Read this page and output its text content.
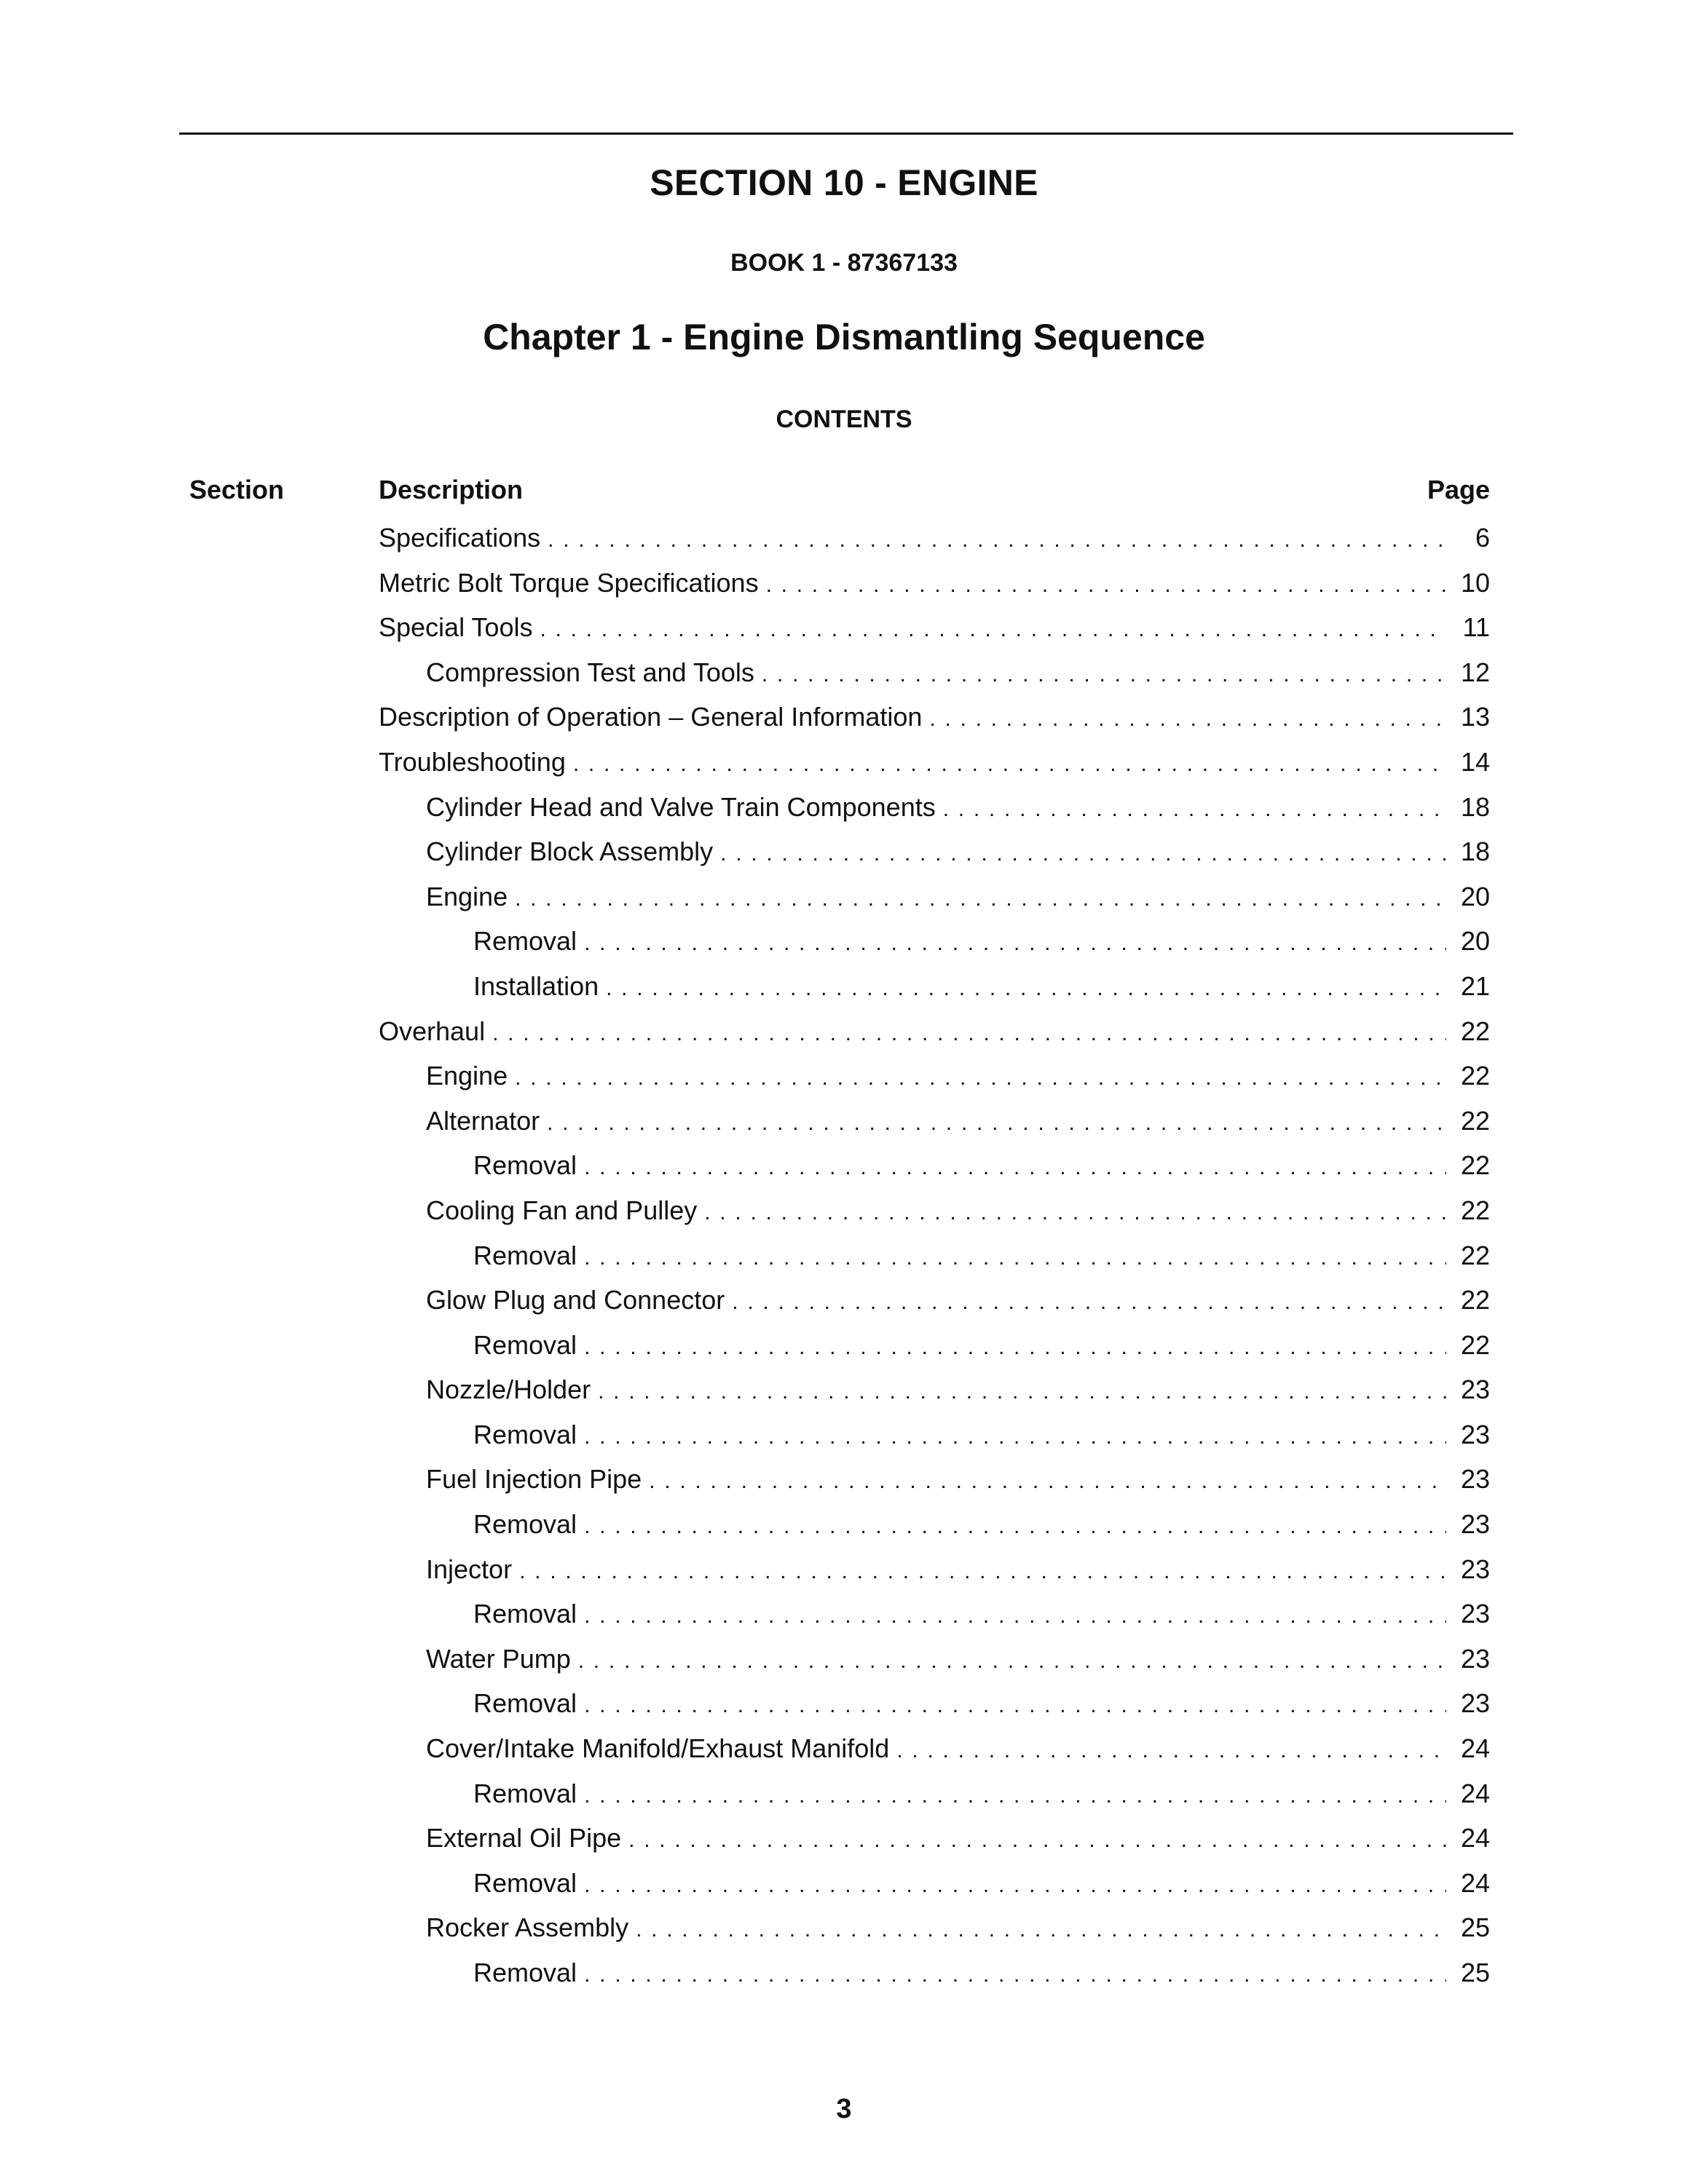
SECTION 10 - ENGINE
BOOK 1 - 87367133
Chapter 1 - Engine Dismantling Sequence
CONTENTS
Section	Description	Page
Specifications . . .	6
Metric Bolt Torque Specifications . . .	10
Special Tools . . .	11
Compression Test and Tools . . .	12
Description of Operation – General Information . . .	13
Troubleshooting . . .	14
Cylinder Head and Valve Train Components . . .	18
Cylinder Block Assembly . . .	18
Engine . . .	20
Removal . . .	20
Installation . . .	21
Overhaul . . .	22
Engine . . .	22
Alternator . . .	22
Removal . . .	22
Cooling Fan and Pulley . . .	22
Removal . . .	22
Glow Plug and Connector . . .	22
Removal . . .	22
Nozzle/Holder . . .	23
Removal . . .	23
Fuel Injection Pipe . . .	23
Removal . . .	23
Injector . . .	23
Removal . . .	23
Water Pump . . .	23
Removal . . .	23
Cover/Intake Manifold/Exhaust Manifold . . .	24
Removal . . .	24
External Oil Pipe . . .	24
Removal . . .	24
Rocker Assembly . . .	25
Removal . . .	25
3
